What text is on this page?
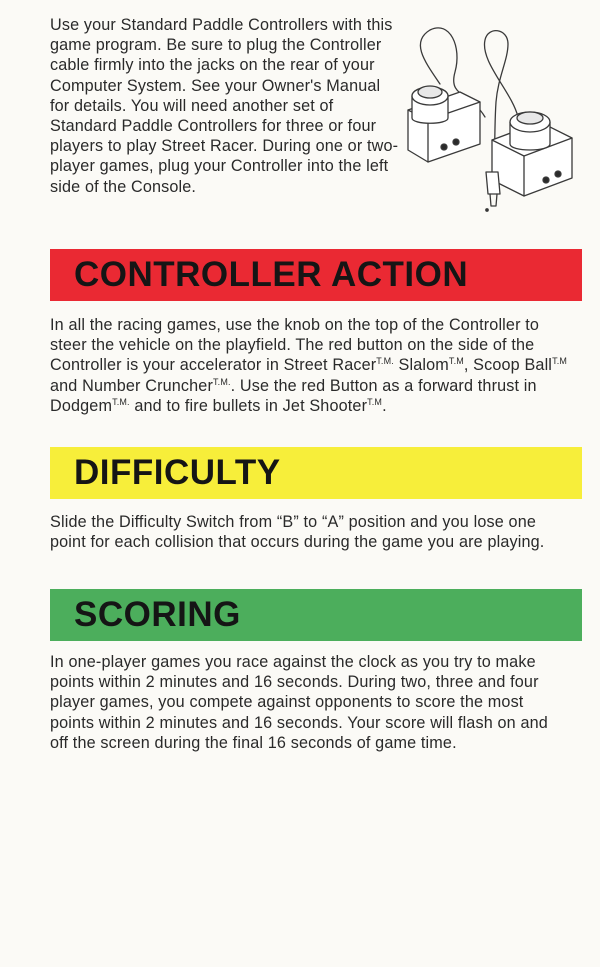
Use your Standard Paddle Controllers with this game program. Be sure to plug the Controller cable firmly into the jacks on the rear of your Computer System. See your Owner's Manual for details. You will need another set of Standard Paddle Controllers for three or four players to play Street Racer. During one or two-player games, plug your Controller into the left side of the Console.
CONTROLLER ACTION
In all the racing games, use the knob on the top of the Controller to steer the vehicle on the playfield. The red button on the side of the Controller is your accelerator in Street Racer$^{T.M.}$ Slalom$^{T.M}$, Scoop Ball$^{T.M}$ and Number Cruncher$^{T.M.}$. Use the red Button as a forward thrust in Dodgem$^{T.M.}$ and to fire bullets in Jet Shooter$^{T.M}$.
DIFFICULTY
Slide the Difficulty Switch from “B” to “A” position and you lose one point for each collision that occurs during the game you are playing.
SCORING
In one-player games you race against the clock as you try to make points within 2 minutes and 16 seconds. During two, three and four player games, you compete against opponents to score the most points within 2 minutes and 16 seconds. Your score will flash on and off the screen during the final 16 seconds of game time.
